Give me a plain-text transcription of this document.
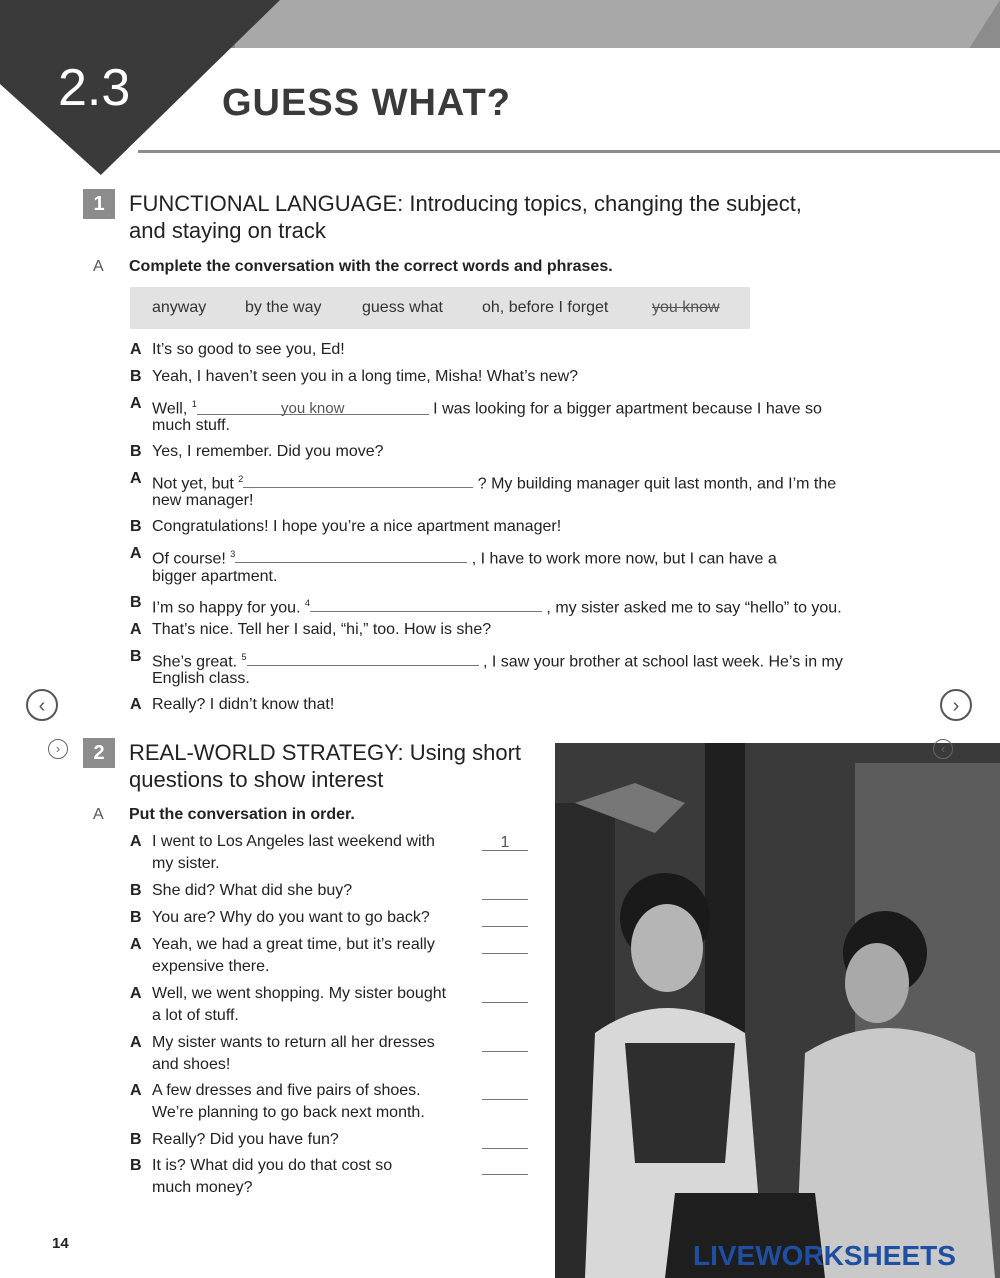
2.3 GUESS WHAT?
1	FUNCTIONAL LANGUAGE: Introducing topics, changing the subject,
and staying on track
A Complete the conversation with the correct words and phrases.
anyway by the way	guess what oh, before I forget	you know
A It’s so good to see you, Ed!
B Yeah, I haven’t seen you in a long time, Misha! What’s new?
A Well, $^1$	you know	I was looking for a bigger apartment because I have so
much stuff.
B Yes, I remember. Did you move?
A Not yet, but $^2$	? My building manager quit last month, and I’m the
new manager!
B Congratulations! I hope you’re a nice apartment manager!
A Of course! $^3$	, I have to work more now, but I can have a
bigger apartment.
B I’m so happy for you. $^4$	, my sister asked me to say “hello” to you.
A That’s nice. Tell her I said, “hi,” too. How is she?
B She’s great. $^5$	, I saw your brother at school last week. He’s in my
English class.
A Really? I didn’t know that!
‹	›
›	2	REAL-WORLD STRATEGY: Using short
questions to show interest
A Put the conversation in order.
A I went to Los Angeles last weekend with
my sister.
1
B She did? What did she buy?
B You are? Why do you want to go back?
A Yeah, we had a great time, but it’s really
expensive there.
A Well, we went shopping. My sister bought
a lot of stuff.
A My sister wants to return all her dresses
and shoes!
A A few dresses and five pairs of shoes.
We’re planning to go back next month.
B Really? Did you have fun?
B It is? What did you do that cost so
much money?
‹
14	LIVEWORKSHEETS
